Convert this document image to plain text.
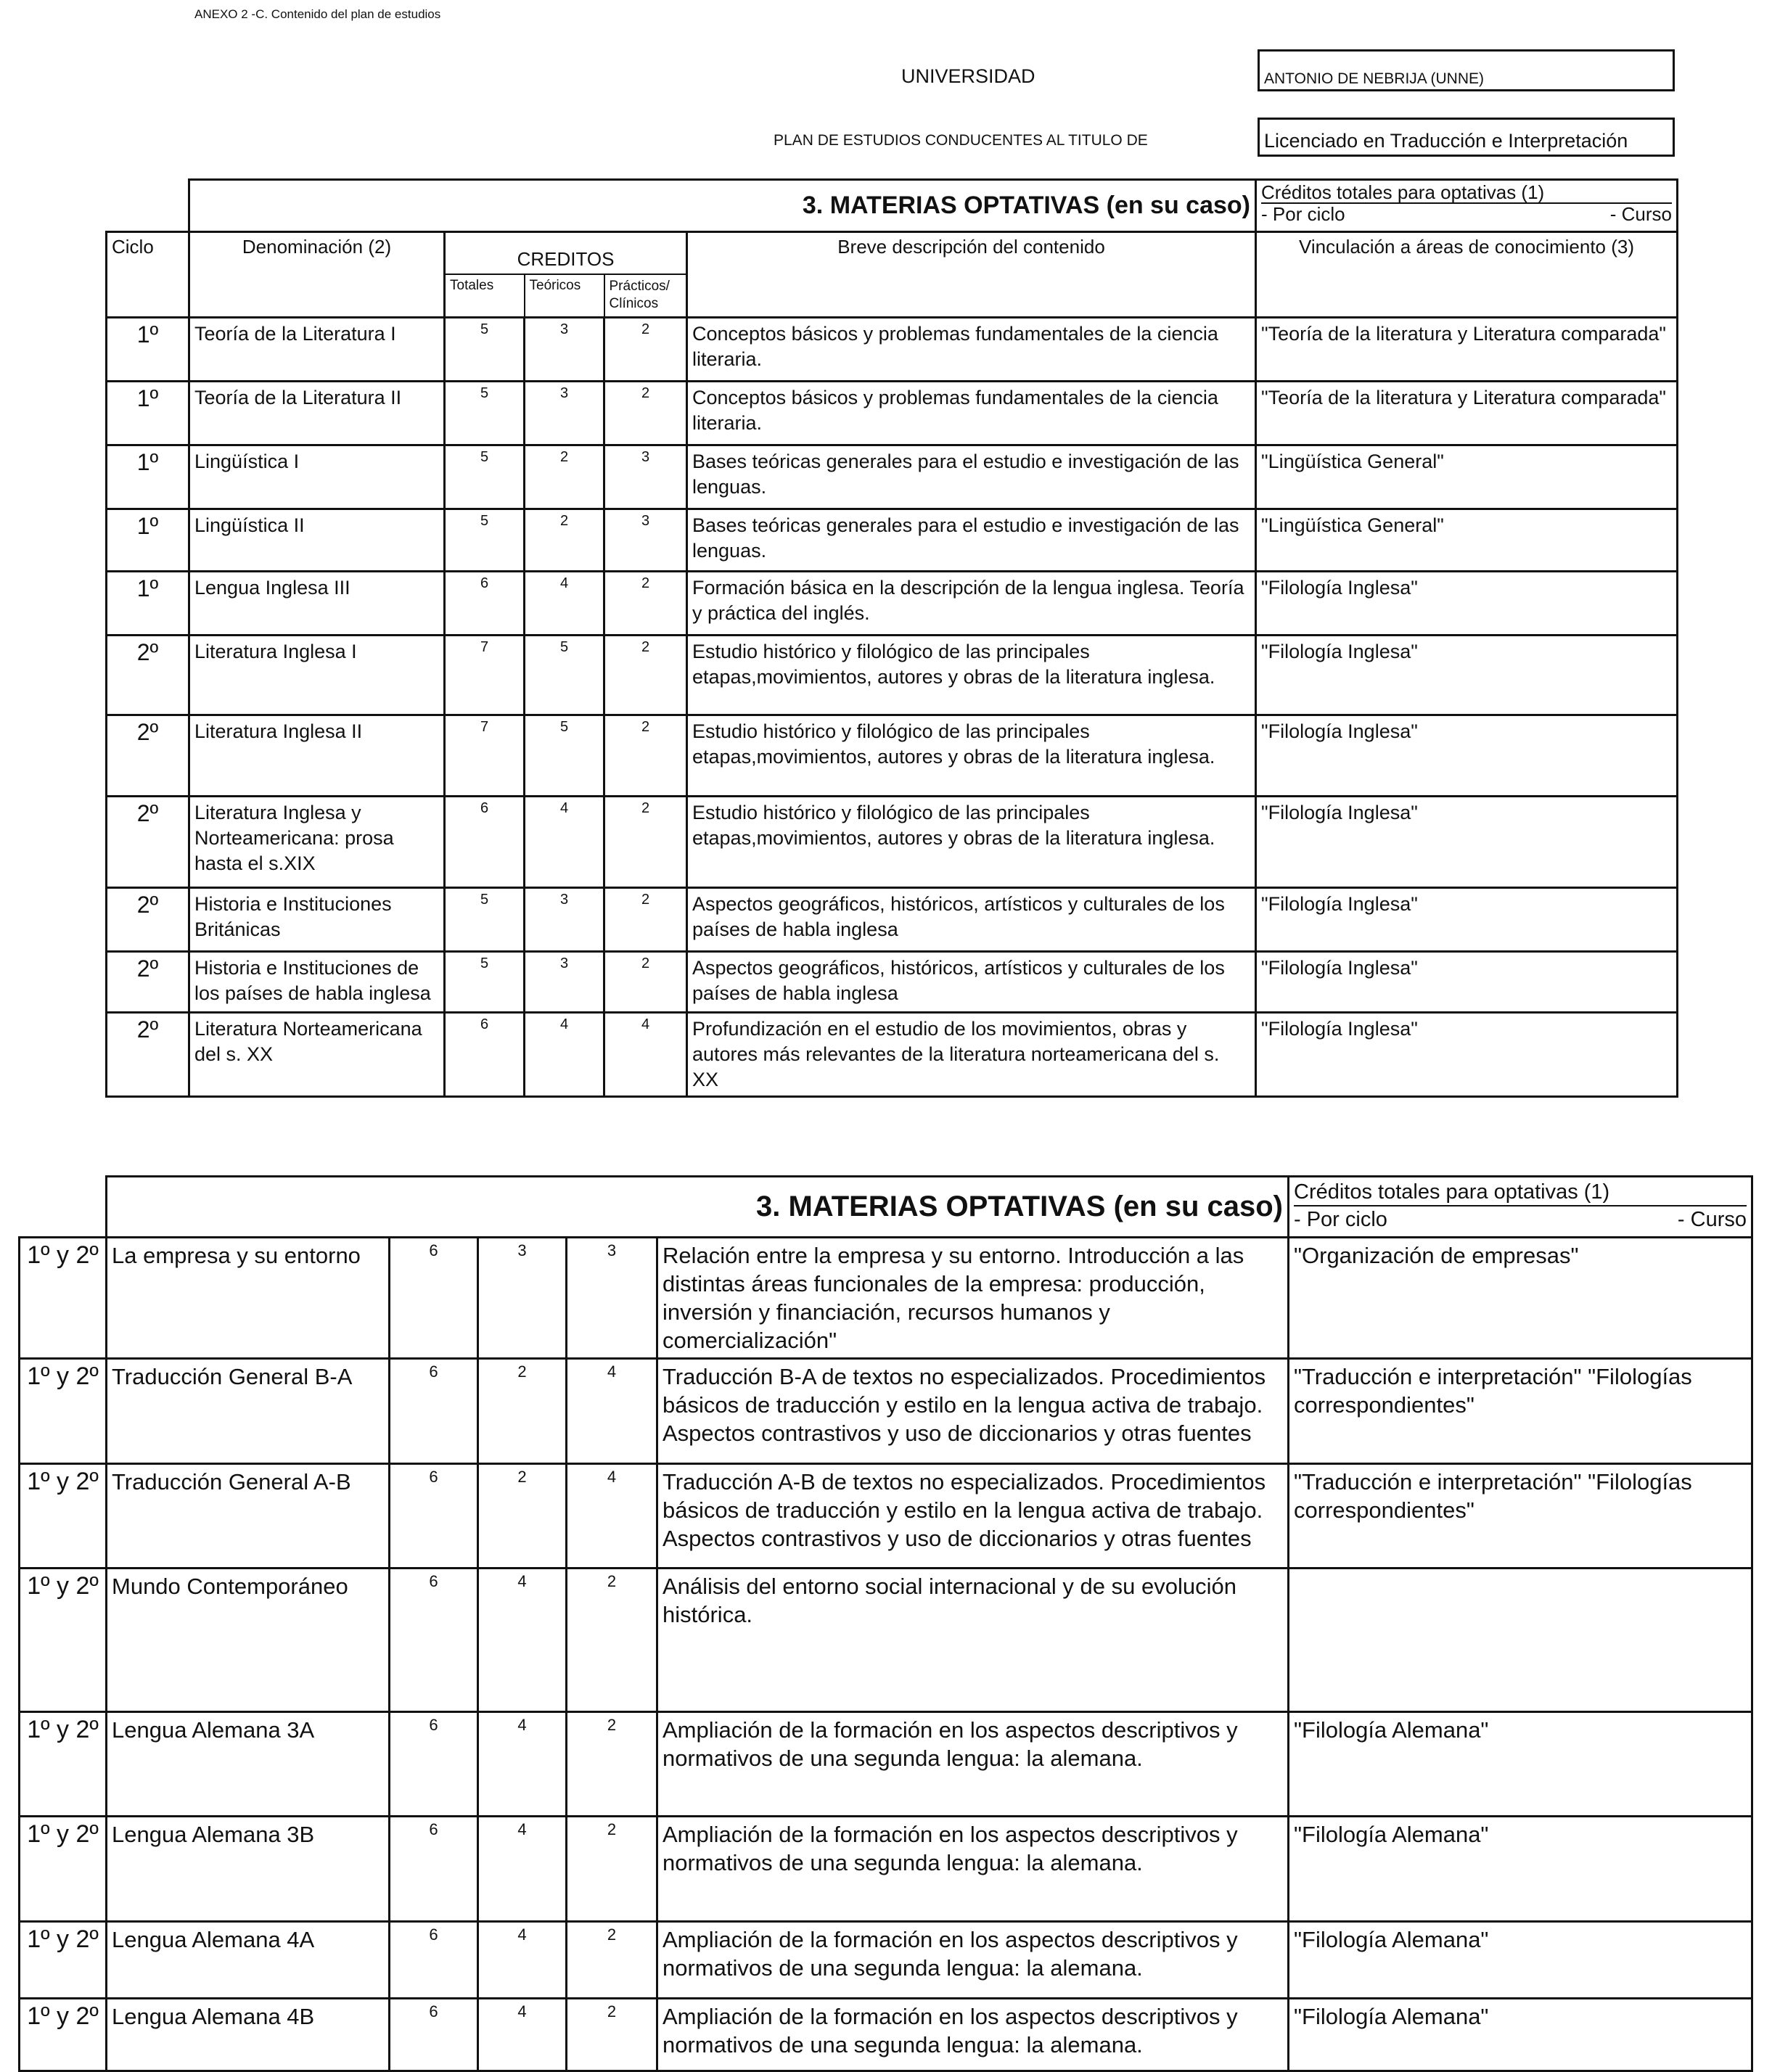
ANEXO 2 -C. Contenido del plan de estudios
UNIVERSIDAD	ANTONIO DE NEBRIJA (UNNE)
PLAN DE ESTUDIOS CONDUCENTES AL TITULO DE	Licenciado en Traducción e Interpretación
	3. MATERIAS OPTATIVAS (en su caso)					Créditos totales para optativas (1)
- Por ciclo - Curso

Ciclo	Denominación (2)	CREDITOS			Breve descripción del contenido	Vinculación a áreas de conocimiento (3)
		Totales	Teóricos	Prácticos/ Clínicos		
1º	Teoría de la Literatura I	5	3	2	Conceptos básicos y problemas fundamentales de la ciencia literaria.	"Teoría de la literatura y Literatura comparada"
1º	Teoría de la Literatura II	5	3	2	Conceptos básicos y problemas fundamentales de la ciencia literaria.	"Teoría de la literatura y Literatura comparada"
1º	Lingüística I	5	2	3	Bases teóricas generales para el estudio e investigación de las lenguas.	"Lingüística General"
1º	Lingüística II	5	2	3	Bases teóricas generales para el estudio e investigación de las lenguas.	"Lingüística General"
1º	Lengua Inglesa III	6	4	2	Formación básica en la descripción de la lengua inglesa. Teoría y práctica del inglés.	"Filología Inglesa"
2º	Literatura Inglesa I	7	5	2	Estudio histórico y filológico de las principales etapas,movimientos, autores y obras de la literatura inglesa.	"Filología Inglesa"
2º	Literatura Inglesa II	7	5	2	Estudio histórico y filológico de las principales etapas,movimientos, autores y obras de la literatura inglesa.	"Filología Inglesa"
2º	Literatura Inglesa y Norteamericana: prosa hasta el s.XIX	6	4	2	Estudio histórico y filológico de las principales etapas,movimientos, autores y obras de la literatura inglesa.	"Filología Inglesa"
2º	Historia e Instituciones Británicas	5	3	2	Aspectos geográficos, históricos, artísticos y culturales de los países de habla inglesa	"Filología Inglesa"
2º	Historia e Instituciones de los países de habla inglesa	5	3	2	Aspectos geográficos, históricos, artísticos y culturales de los países de habla inglesa	"Filología Inglesa"
2º	Literatura Norteamericana del s. XX	6	4	4	Profundización en el estudio de los movimientos, obras y autores más relevantes de la literatura norteamericana del s. XX	"Filología Inglesa"
	3. MATERIAS OPTATIVAS (en su caso)					Créditos totales para optativas (1)
- Por ciclo - Curso

1º y 2º	La empresa y su entorno	6	3	3	Relación entre la empresa y su entorno. Introducción a las distintas áreas funcionales de la empresa: producción, inversión y financiación, recursos humanos y comercialización"	"Organización de empresas"
1º y 2º	Traducción General B-A	6	2	4	Traducción B-A de textos no especializados. Procedimientos básicos de traducción y estilo en la lengua activa de trabajo. Aspectos contrastivos y uso de diccionarios y otras fuentes	"Traducción e interpretación" "Filologías correspondientes"
1º y 2º	Traducción General A-B	6	2	4	Traducción A-B de textos no especializados. Procedimientos básicos de traducción y estilo en la lengua activa de trabajo. Aspectos contrastivos y uso de diccionarios y otras fuentes	"Traducción e interpretación" "Filologías correspondientes"
1º y 2º	Mundo Contemporáneo	6	4	2	Análisis del entorno social internacional y de su evolución histórica.	
1º y 2º	Lengua Alemana 3A	6	4	2	Ampliación de la formación en los aspectos descriptivos y normativos de una segunda lengua: la alemana.	"Filología Alemana"
1º y 2º	Lengua Alemana 3B	6	4	2	Ampliación de la formación en los aspectos descriptivos y normativos de una segunda lengua: la alemana.	"Filología Alemana"
1º y 2º	Lengua Alemana 4A	6	4	2	Ampliación de la formación en los aspectos descriptivos y normativos de una segunda lengua: la alemana.	"Filología Alemana"
1º y 2º	Lengua Alemana 4B	6	4	2	Ampliación de la formación en los aspectos descriptivos y normativos de una segunda lengua: la alemana.	"Filología Alemana"
